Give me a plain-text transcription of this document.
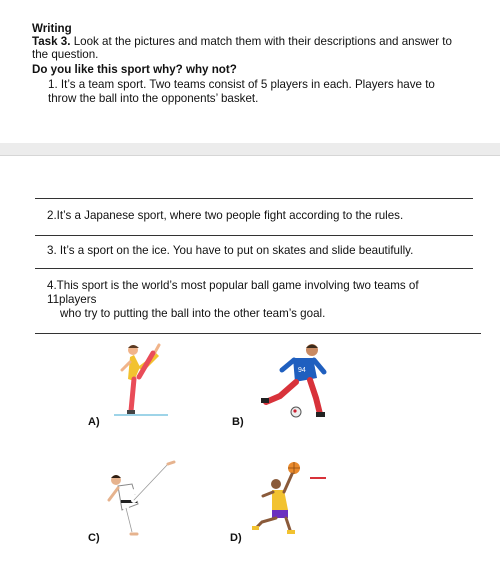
Writing
Task 3. Look at the pictures and match them with their descriptions and answer to
the question.
Do you like this sport why? why not?
1. It’s a team sport. Two teams consist of 5 players in each. Players have to
throw the ball into the opponents’ basket.
2.It’s a Japanese sport, where two people fight according to the rules.
3. It’s a sport on the ice. You have to put on skates and slide beautifully.
4.This sport is the world’s most popular ball game involving two teams of
11players
who try to putting the ball into the other team’s goal.
A)
94
B)
C)	D)
